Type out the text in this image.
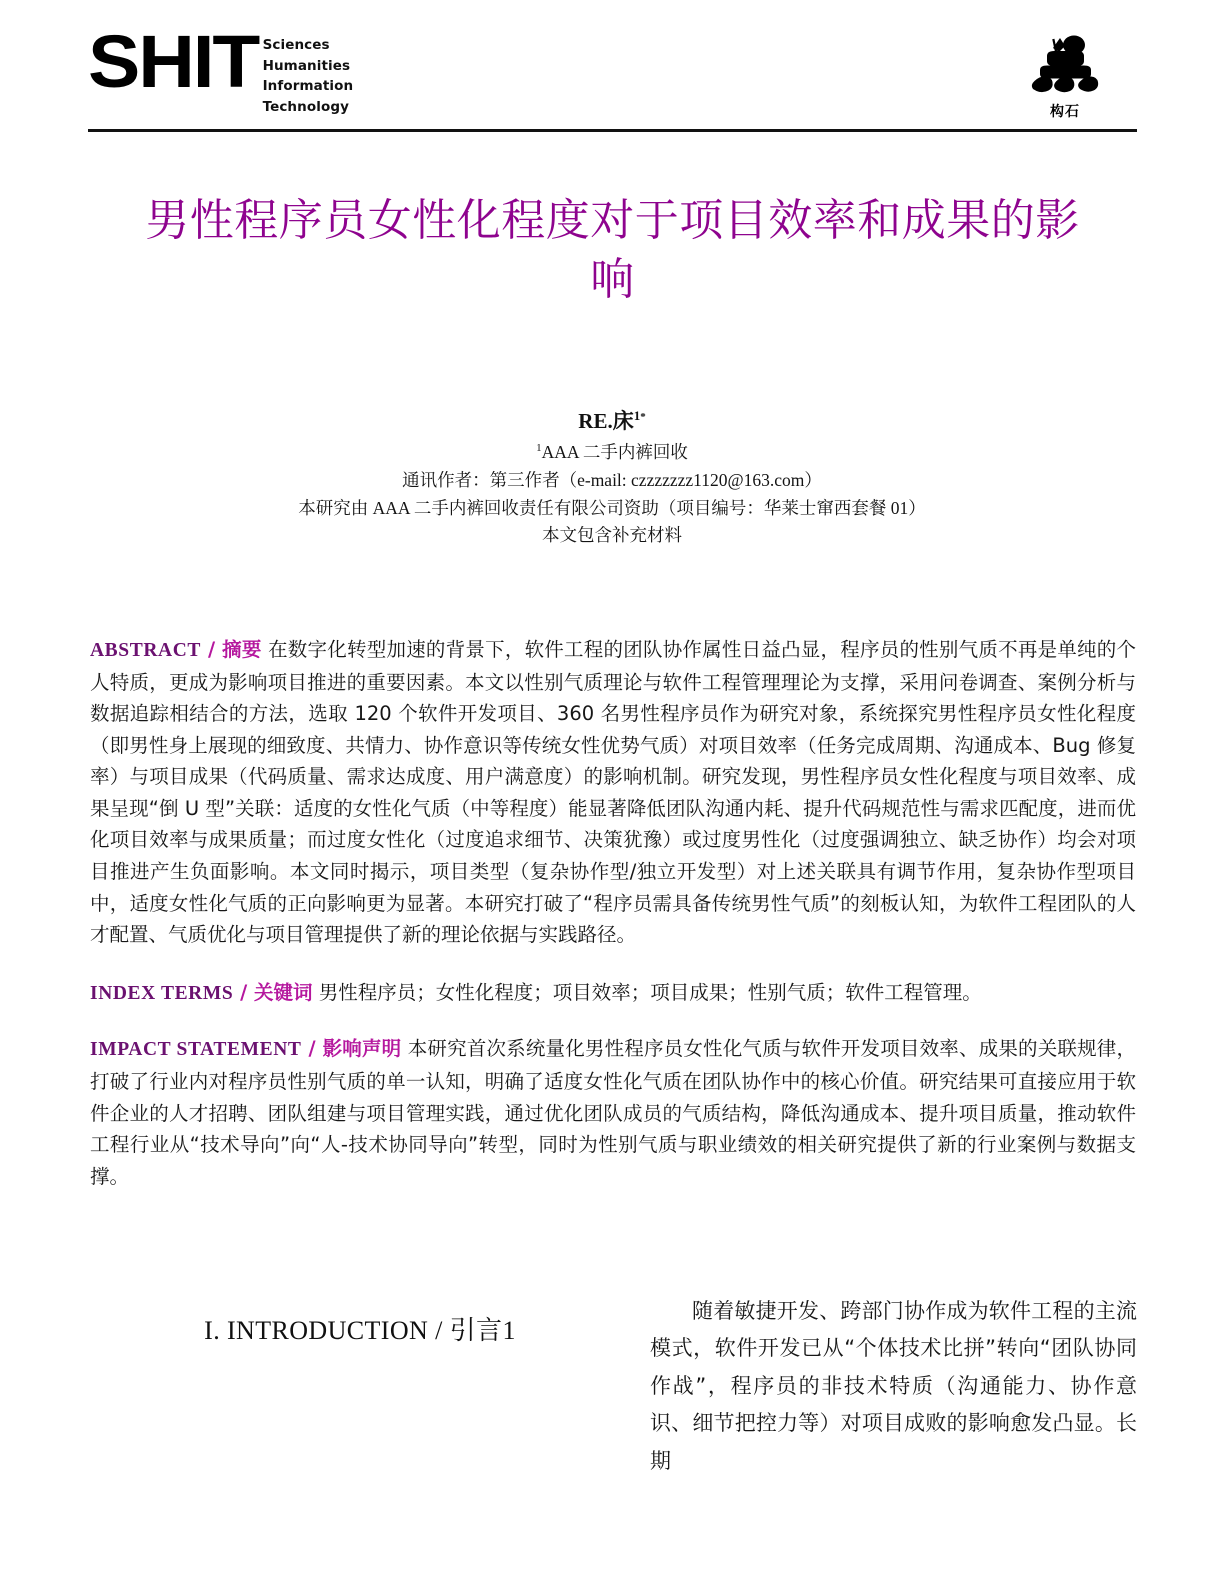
SHIT Sciences
Humanities
Information
Technology	构石
男性程序员女性化程度对于项目效率和成果的影响
RE.床$^{1*}$
$^1$AAA 二手内裤回收
通讯作者：第三作者（e-mail: czzzzzzz1120@163.com）
本研究由 AAA 二手内裤回收责任有限公司资助（项目编号：华莱士窜西套餐 01）
本文包含补充材料

ABSTRACT / 摘要 在数字化转型加速的背景下，软件工程的团队协作属性日益凸显，程序员的性别气质不再是单纯的个人特质，更成为影响项目推进的重要因素。本文以性别气质理论与软件工程管理理论为支撑，采用问卷调查、案例分析与数据追踪相结合的方法，选取 120 个软件开发项目、360 名男性程序员作为研究对象，系统探究男性程序员女性化程度（即男性身上展现的细致度、共情力、协作意识等传统女性优势气质）对项目效率（任务完成周期、沟通成本、Bug 修复率）与项目成果（代码质量、需求达成度、用户满意度）的影响机制。研究发现，男性程序员女性化程度与项目效率、成果呈现“倒 U 型”关联：适度的女性化气质（中等程度）能显著降低团队沟通内耗、提升代码规范性与需求匹配度，进而优化项目效率与成果质量；而过度女性化（过度追求细节、决策犹豫）或过度男性化（过度强调独立、缺乏协作）均会对项目推进产生负面影响。本文同时揭示，项目类型（复杂协作型/独立开发型）对上述关联具有调节作用，复杂协作型项目中，适度女性化气质的正向影响更为显著。本研究打破了“程序员需具备传统男性气质”的刻板认知，为软件工程团队的人才配置、气质优化与项目管理提供了新的理论依据与实践路径。

INDEX TERMS / 关键词 男性程序员；女性化程度；项目效率；项目成果；性别气质；软件工程管理。

IMPACT STATEMENT / 影响声明 本研究首次系统量化男性程序员女性化气质与软件开发项目效率、成果的关联规律，打破了行业内对程序员性别气质的单一认知，明确了适度女性化气质在团队协作中的核心价值。研究结果可直接应用于软件企业的人才招聘、团队组建与项目管理实践，通过优化团队成员的气质结构，降低沟通成本、提升项目质量，推动软件工程行业从“技术导向”向“人-技术协同导向”转型，同时为性别气质与职业绩效的相关研究提供了新的行业案例与数据支撑。

I. INTRODUCTION / 引言1

随着敏捷开发、跨部门协作成为软件工程的主流模式，软件开发已从“个体技术比拼”转向“团队协同作战”，程序员的非技术特质（沟通能力、协作意识、细节把控力等）对项目成败的影响愈发凸显。长期
